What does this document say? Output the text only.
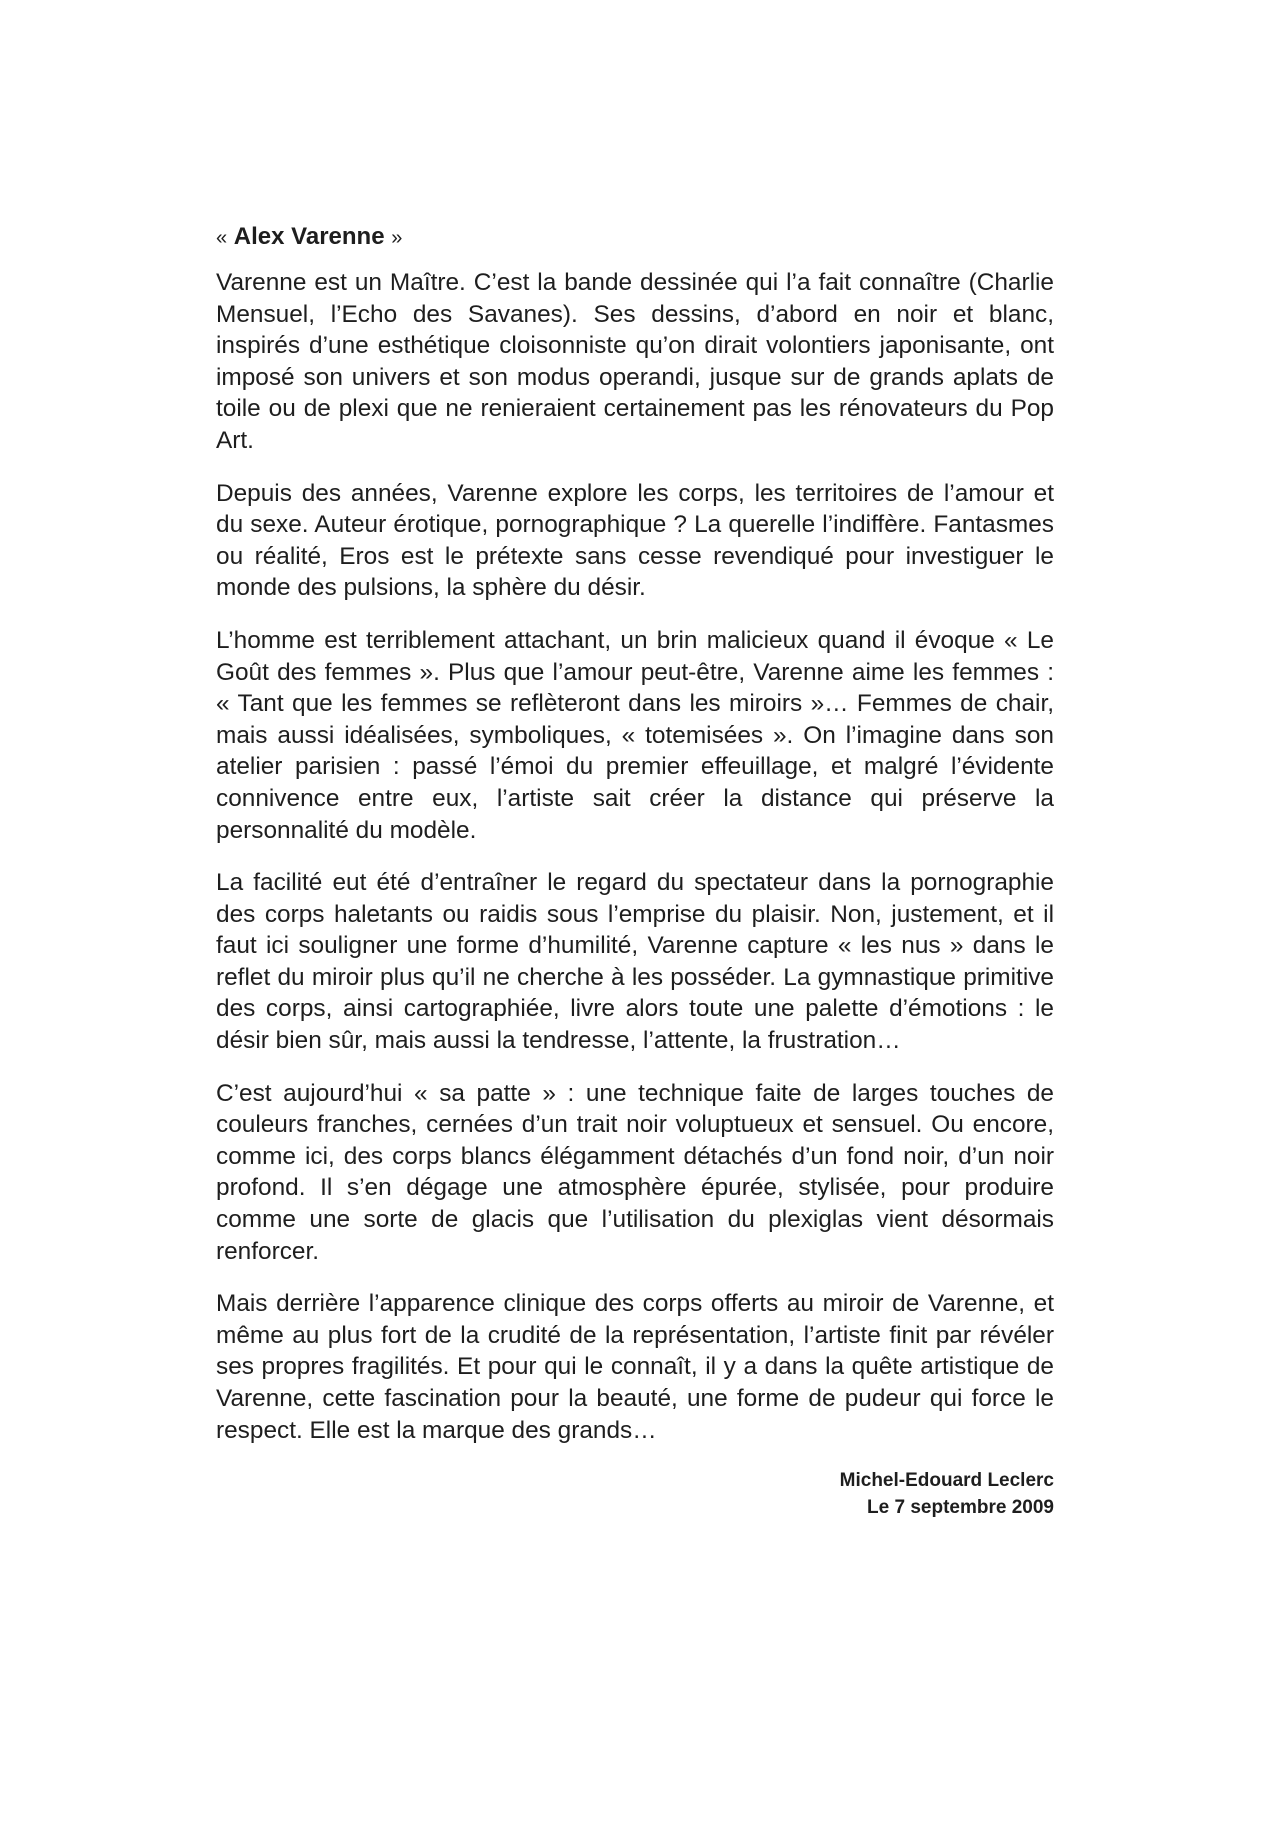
« Alex Varenne »

Varenne est un Maître. C’est la bande dessinée qui l’a fait connaître (Charlie Mensuel, l’Echo des Savanes). Ses dessins, d’abord en noir et blanc, inspirés d’une esthétique cloisonniste qu’on dirait volontiers japonisante, ont imposé son univers et son modus operandi, jusque sur de grands aplats de toile ou de plexi que ne renieraient certainement pas les rénovateurs du Pop Art.

Depuis des années, Varenne explore les corps, les territoires de l’amour et du sexe. Auteur érotique, pornographique ? La querelle l’indiffère. Fantasmes ou réalité, Eros est le prétexte sans cesse revendiqué pour investiguer le monde des pulsions, la sphère du désir.

L’homme est terriblement attachant, un brin malicieux quand il évoque « Le Goût des femmes ». Plus que l’amour peut-être, Varenne aime les femmes : « Tant que les femmes se reflèteront dans les miroirs »… Femmes de chair, mais aussi idéalisées, symboliques, « totemisées ». On l’imagine dans son atelier parisien : passé l’émoi du premier effeuillage, et malgré l’évidente connivence entre eux, l’artiste sait créer la distance qui préserve la personnalité du modèle.

La facilité eut été d’entraîner le regard du spectateur dans la pornographie des corps haletants ou raidis sous l’emprise du plaisir. Non, justement, et il faut ici souligner une forme d’humilité, Varenne capture « les nus » dans le reflet du miroir plus qu’il ne cherche à les posséder. La gymnastique primitive des corps, ainsi cartographiée, livre alors toute une palette d’émotions : le désir bien sûr, mais aussi la tendresse, l’attente, la frustration…

C’est aujourd’hui « sa patte » : une technique faite de larges touches de couleurs franches, cernées d’un trait noir voluptueux et sensuel. Ou encore, comme ici, des corps blancs élégamment détachés d’un fond noir, d’un noir profond. Il s’en dégage une atmosphère épurée, stylisée, pour produire comme une sorte de glacis que l’utilisation du plexiglas vient désormais renforcer.

Mais derrière l’apparence clinique des corps offerts au miroir de Varenne, et même au plus fort de la crudité de la représentation, l’artiste finit par révéler ses propres fragilités. Et pour qui le connaît, il y a dans la quête artistique de Varenne, cette fascination pour la beauté, une forme de pudeur qui force le respect. Elle est la marque des grands…

Michel-Edouard Leclerc
Le 7 septembre 2009
